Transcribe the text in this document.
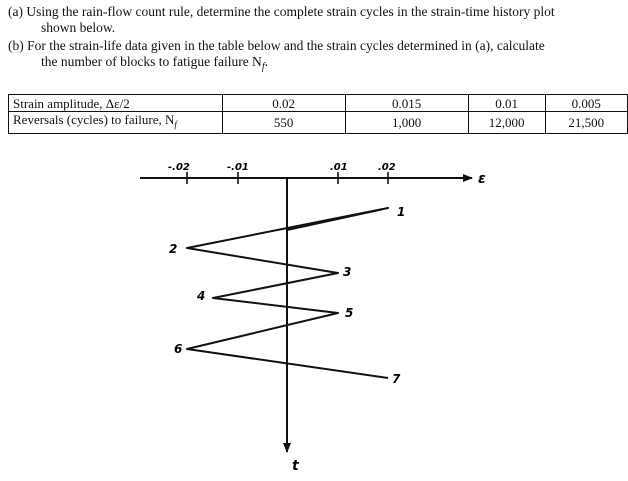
(a) Using the rain-flow count rule, determine the complete strain cycles in the strain-time history plot
shown below.
(b) For the strain-life data given in the table below and the strain cycles determined in (a), calculate
the number of blocks to fatigue failure $N_f$.
Strain amplitude, Δε/2	0.02	0.015	0.01	0.005
Reversals (cycles) to failure, $N_f$	550	1,000	12,000	21,500
-.02	-.01	.01	.02
ε
t
1
2
3
4
5
6
7
